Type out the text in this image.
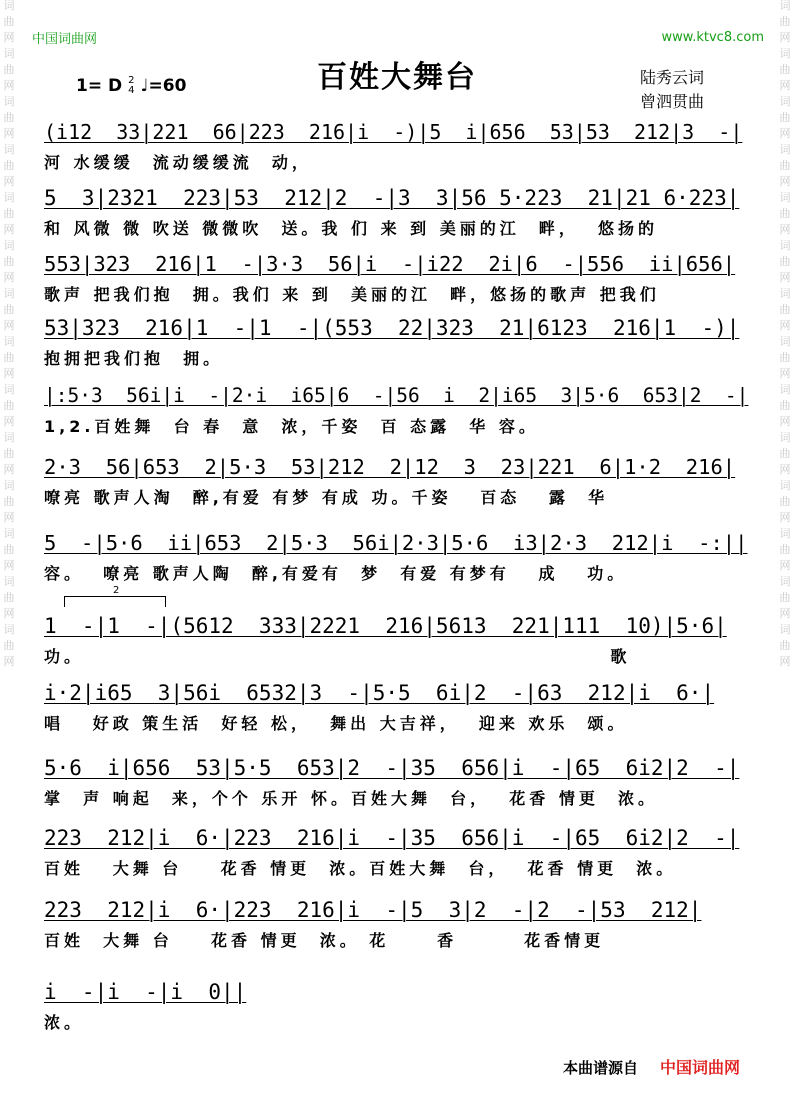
词
曲
网
词
曲
网
词
曲
网
词
曲
网
词
曲
网
词
曲
网
词
曲
网
词
曲
网
词
曲
网
词
曲
网
词
曲
网
词
曲
网
词
曲
网
词
曲
网
词
曲
网
词
曲
网
词
曲
网
词
曲
网
词
曲
网
词
曲
网
词
曲
网
词
曲
网
词
曲
网
词
曲
网
词
曲
网
词
曲
网
词
曲
网
词
曲
网
中国词曲网	www.ktvc8.com
百姓大舞台
1= D 2
4 ♩=60	陆秀云词
曾泗贯曲
(i12  33|221  66|223  216|i  -)|5  i|656  53|53  212|3  -|
河 水缓缓  流动缓缓流  动，
5  3|2321  223|53  212|2  -|3  3|56 5·223  21|21 6·223|
和 风微 微 吹送 微微吹  送。我 们 来 到 美丽的江  畔，  悠扬的
553|323  216|1  -|3·3  56|i  -|i22  2i|6  -|556  ii|656|
歌声 把我们抱  拥。我们 来 到  美丽的江  畔，悠扬的歌声 把我们
53|323  216|1  -|1  -|(553  22|323  21|6123  216|1  -)|
抱拥把我们抱  拥。
|:5·3  56i|i  -|2·i  i65|6  -|56  i  2|i65  3|5·6  653|2  -|
1,2.百姓舞  台 春  意  浓，千姿  百 态露  华 容。
2·3  56|653  2|5·3  53|212  2|12  3  23|221  6|1·2  216|
嘹亮 歌声人淘  醉,有爱 有梦 有成 功。千姿   百态   露  华
5  -|5·6  ii|653  2|5·3  56i|2·3|5·6  i3|2·3  212|i  -:||
容。  嘹亮 歌声人陶  醉,有爱有  梦  有爱 有梦有   成   功。
1  -|1  -|(5612  333|2221  216|5613  221|111  10)|5·6|
功。                                                       歌
i·2|i65  3|56i  6532|3  -|5·5  6i|2  -|63  212|i  6·|
唱   好政 策生活  好轻 松，  舞出 大吉祥，  迎来 欢乐  颂。
5·6  i|656  53|5·5  653|2  -|35  656|i  -|65  6i2|2  -|
掌  声 响起  来，个个 乐开 怀。百姓大舞  台，  花香 情更  浓。
223  212|i  6·|223  216|i  -|35  656|i  -|65  6i2|2  -|
百姓   大舞 台    花香 情更  浓。百姓大舞  台，  花香 情更  浓。
223  212|i  6·|223  216|i  -|5  3|2  -|2  -|53  212|
百姓  大舞 台    花香 情更  浓。 花     香       花香情更
i  -|i  -|i  0||
浓。
2
本曲谱源自 中国词曲网
